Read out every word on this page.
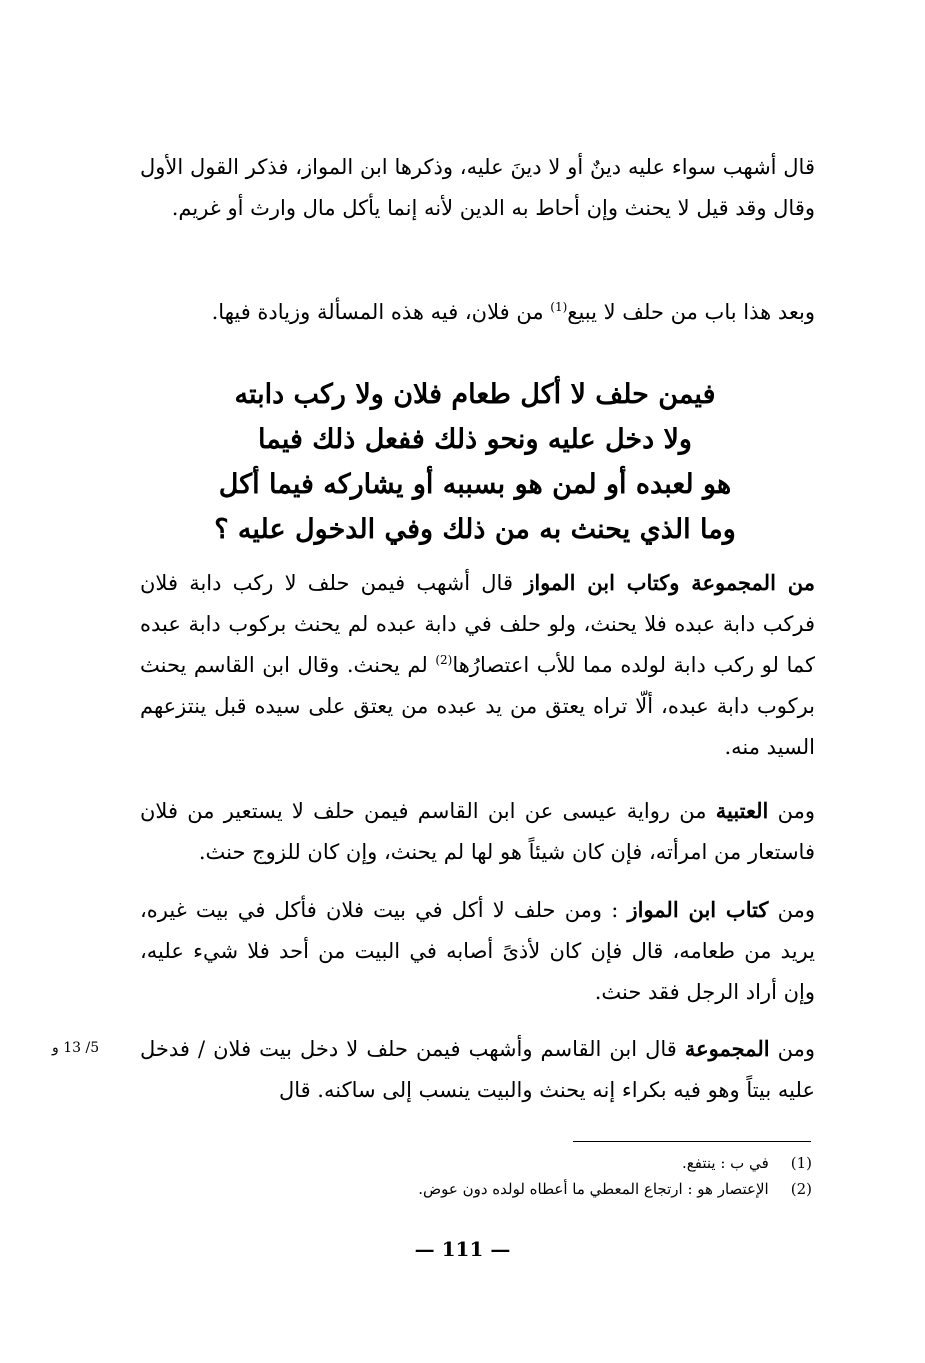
قال أشهب سواء عليه دينٌ أو لا دينَ عليه، وذكرها ابن المواز، فذكر القول الأول وقال وقد قيل لا يحنث وإن أحاط به الدين لأنه إنما يأكل مال وارث أو غريم.

وبعد هذا باب من حلف لا يبيع$^{(1)}$ من فلان، فيه هذه المسألة وزيادة فيها.

فيمن حلف لا أكل طعام فلان ولا ركب دابته
ولا دخل عليه ونحو ذلك ففعل ذلك فيما
هو لعبده أو لمن هو بسببه أو يشاركه فيما أكل
وما الذي يحنث به من ذلك وفي الدخول عليه ؟

من المجموعة وكتاب ابن المواز قال أشهب فيمن حلف لا ركب دابة فلان فركب دابة عبده فلا يحنث، ولو حلف في دابة عبده لم يحنث بركوب دابة عبده كما لو ركب دابة لولده مما للأب اعتصارُها$^{(2)}$ لم يحنث. وقال ابن القاسم يحنث بركوب دابة عبده، ألّا تراه يعتق من يد عبده من يعتق على سيده قبل ينتزعهم السيد منه.

ومن العتبية من رواية عيسى عن ابن القاسم فيمن حلف لا يستعير من فلان فاستعار من امرأته، فإن كان شيئاً هو لها لم يحنث، وإن كان للزوج حنث.

ومن كتاب ابن المواز : ومن حلف لا أكل في بيت فلان فأكل في بيت غيره، يريد من طعامه، قال فإن كان لأذىً أصابه في البيت من أحد فلا شيء عليه، وإن أراد الرجل فقد حنث.

ومن المجموعة قال ابن القاسم وأشهب فيمن حلف لا دخل بيت فلان / فدخل عليه بيتاً وهو فيه بكراء إنه يحنث والبيت ينسب إلى ساكنه. قال

5/ 13 و
(1)
في ب : ينتفع.
(2)
الإعتصار هو : ارتجاع المعطي ما أعطاه لولده دون عوض.
— 111 —
